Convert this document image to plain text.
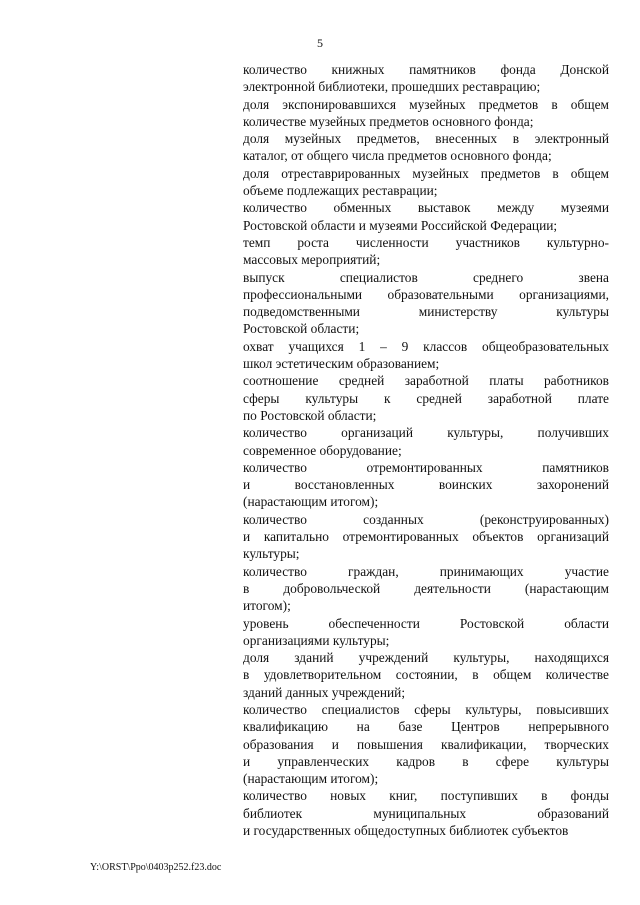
5
количество книжных памятников фонда Донской
электронной библиотеки, прошедших реставрацию;
доля экспонировавшихся музейных предметов в общем
количестве музейных предметов основного фонда;
доля музейных предметов, внесенных в электронный
каталог, от общего числа предметов основного фонда;
доля отреставрированных музейных предметов в общем
объеме подлежащих реставрации;
количество обменных выставок между музеями
Ростовской области и музеями Российской Федерации;
темп роста численности участников культурно-
массовых мероприятий;
выпуск специалистов среднего звена
профессиональными образовательными организациями,
подведомственными министерству культуры
Ростовской области;
охват учащихся 1 – 9 классов общеобразовательных
школ эстетическим образованием;
соотношение средней заработной платы работников
сферы культуры к средней заработной плате
по Ростовской области;
количество организаций культуры, получивших
современное оборудование;
количество отремонтированных памятников
и восстановленных воинских захоронений
(нарастающим итогом);
количество созданных (реконструированных)
и капитально отремонтированных объектов организаций
культуры;
количество граждан, принимающих участие
в добровольческой деятельности (нарастающим
итогом);
уровень обеспеченности Ростовской области
организациями культуры;
доля зданий учреждений культуры, находящихся
в удовлетворительном состоянии, в общем количестве
зданий данных учреждений;
количество специалистов сферы культуры, повысивших
квалификацию на базе Центров непрерывного
образования и повышения квалификации, творческих
и управленческих кадров в сфере культуры
(нарастающим итогом);
количество новых книг, поступивших в фонды
библиотек муниципальных образований
и государственных общедоступных библиотек субъектов
Y:\ORST\Ppo\0403p252.f23.doc
